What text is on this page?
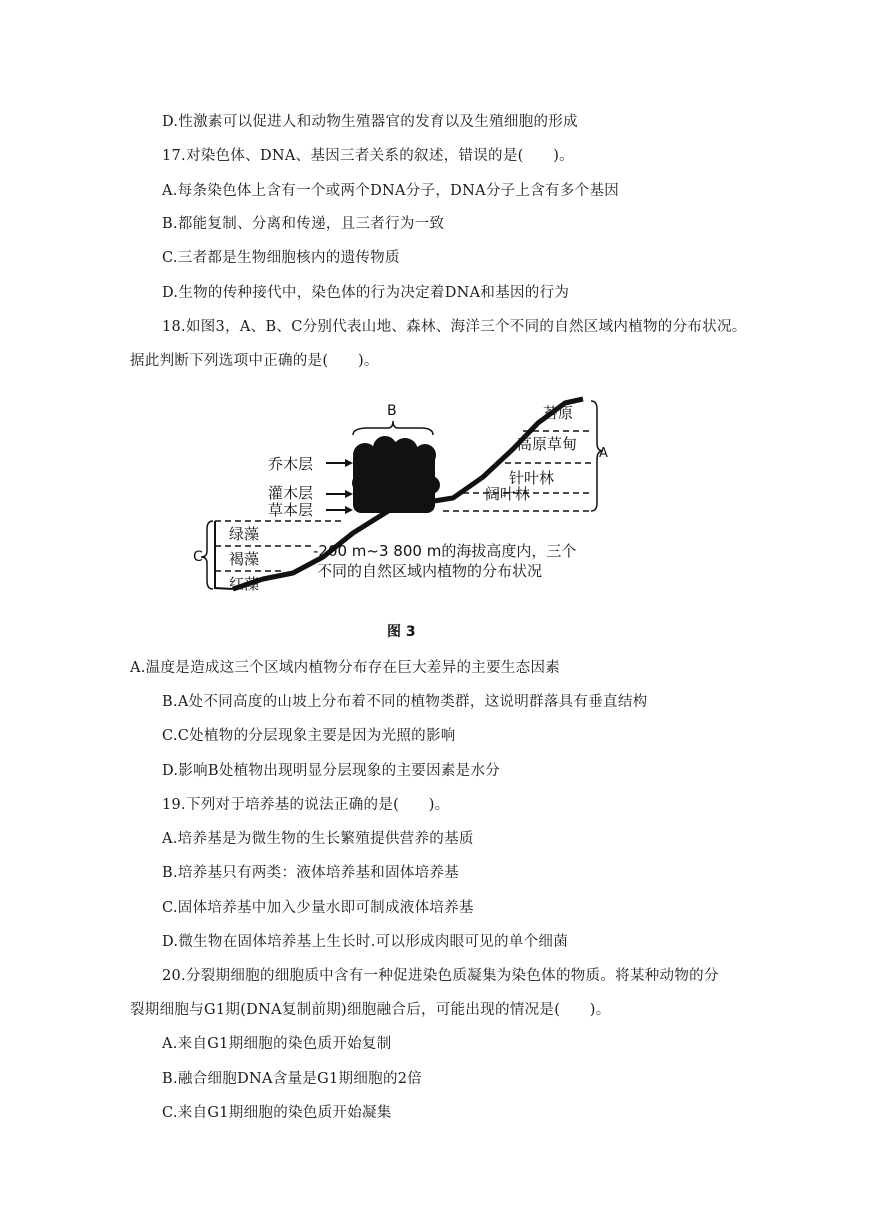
D.性激素可以促进人和动物生殖器官的发育以及生殖细胞的形成
17.对染色体、DNA、基因三者关系的叙述，错误的是(　　)。
A.每条染色体上含有一个或两个DNA分子，DNA分子上含有多个基因
B.都能复制、分离和传递，且三者行为一致
C.三者都是生物细胞核内的遗传物质
D.生物的传种接代中，染色体的行为决定着DNA和基因的行为
18.如图3，A、B、C分别代表山地、森林、海洋三个不同的自然区域内植物的分布状况。
据此判断下列选项中正确的是(　　)。
B
乔木层
灌木层
草本层
苔原
高原草甸
针叶林
阔叶林
A
绿藻
褐藻
红藻
C	-200 m~3 800 m的海拔高度内，三个
不同的自然区域内植物的分布状况
图 3
A.温度是造成这三个区域内植物分布存在巨大差异的主要生态因素
B.A处不同高度的山坡上分布着不同的植物类群，这说明群落具有垂直结构
C.C处植物的分层现象主要是因为光照的影响
D.影响B处植物出现明显分层现象的主要因素是水分
19.下列对于培养基的说法正确的是(　　)。
A.培养基是为微生物的生长繁殖提供营养的基质
B.培养基只有两类：液体培养基和固体培养基
C.固体培养基中加入少量水即可制成液体培养基
D.微生物在固体培养基上生长时.可以形成肉眼可见的单个细菌
20.分裂期细胞的细胞质中含有一种促进染色质凝集为染色体的物质。将某种动物的分
裂期细胞与G1期(DNA复制前期)细胞融合后，可能出现的情况是(　　)。
A.来自G1期细胞的染色质开始复制
B.融合细胞DNA含量是G1期细胞的2倍
C.来自G1期细胞的染色质开始凝集
